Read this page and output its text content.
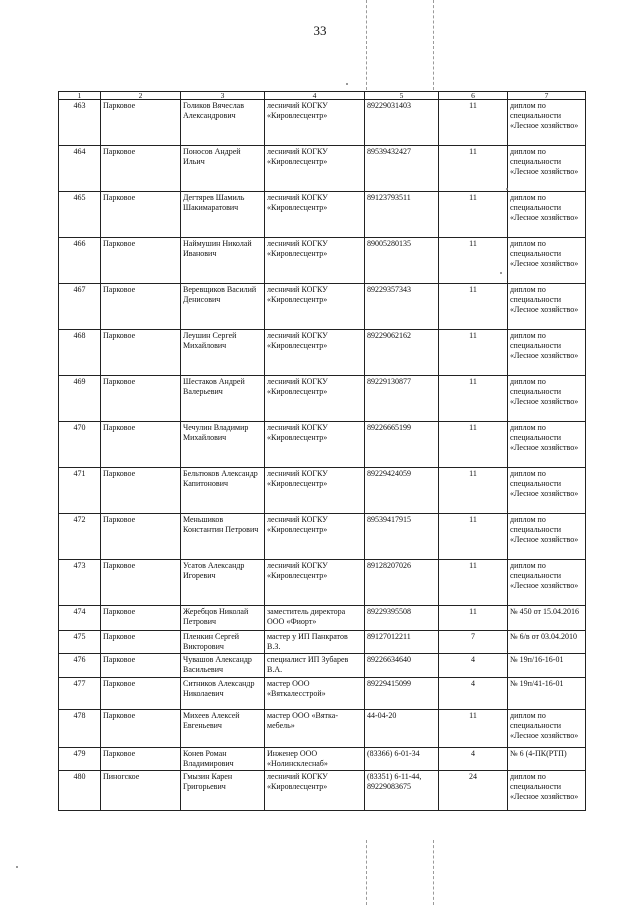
33
1	2	3	4	5	6	7
463	Парковое	Голиков Вячеслав Александрович	лесничий КОГКУ «Кировлесцентр»	89229031403	11	диплом по специальности «Лесное хозяйство»
464	Парковое	Поносов Андрей Ильич	лесничий КОГКУ «Кировлесцентр»	89539432427	11	диплом по специальности «Лесное хозяйство»
465	Парковое	Дегтярев Шамиль Шакимаратович	лесничий КОГКУ «Кировлесцентр»	89123793511	11	диплом по специальности «Лесное хозяйство»
466	Парковое	Наймушин Николай Иванович	лесничий КОГКУ «Кировлесцентр»	89005280135	11	диплом по специальности «Лесное хозяйство»
467	Парковое	Веревщиков Василий Денисович	лесничий КОГКУ «Кировлесцентр»	89229357343	11	диплом по специальности «Лесное хозяйство»
468	Парковое	Леушин Сергей Михайлович	лесничий КОГКУ «Кировлесцентр»	89229062162	11	диплом по специальности «Лесное хозяйство»
469	Парковое	Шестаков Андрей Валерьевич	лесничий КОГКУ «Кировлесцентр»	89229130877	11	диплом по специальности «Лесное хозяйство»
470	Парковое	Чечулин Владимир Михайлович	лесничий КОГКУ «Кировлесцентр»	89226665199	11	диплом по специальности «Лесное хозяйство»
471	Парковое	Бельтюков Александр Капитонович	лесничий КОГКУ «Кировлесцентр»	89229424059	11	диплом по специальности «Лесное хозяйство»
472	Парковое	Меньшиков Константин Петрович	лесничий КОГКУ «Кировлесцентр»	89539417915	11	диплом по специальности «Лесное хозяйство»
473	Парковое	Усатов Александр Игоревич	лесничий КОГКУ «Кировлесцентр»	89128207026	11	диплом по специальности «Лесное хозяйство»
474	Парковое	Жеребцов Николай Петрович	заместитель директора ООО «Фиорт»	89229395508	11	№ 450 от 15.04.2016
475	Парковое	Пленкин Сергей Викторович	мастер у ИП Панкратов В.З.	89127012211	7	№ 6/в от 03.04.2010
476	Парковое	Чувашов Александр Васильевич	специалист ИП Зубарев В.А.	89226634640	4	№ 19п/16-16-01
477	Парковое	Ситников Александр Николаевич	мастер ООО «Вяткалесстрой»	89229415099	4	№ 19п/41-16-01
478	Парковое	Михеев Алексей Евгеньевич	мастер ООО «Вятка-мебель»	44-04-20	11	диплом по специальности «Лесное хозяйство»
479	Парковое	Конев Роман Владимирович	Инженер ООО «Нолинсклеснаб»	(83366) 6-01-34	4	№ 6 (4-ПК(РТП)
480	Пиногское	Гмызин Карен Григорьевич	лесничий КОГКУ «Кировлесцентр»	(83351) 6-11-44, 89229083675	24	диплом по специальности «Лесное хозяйство»
